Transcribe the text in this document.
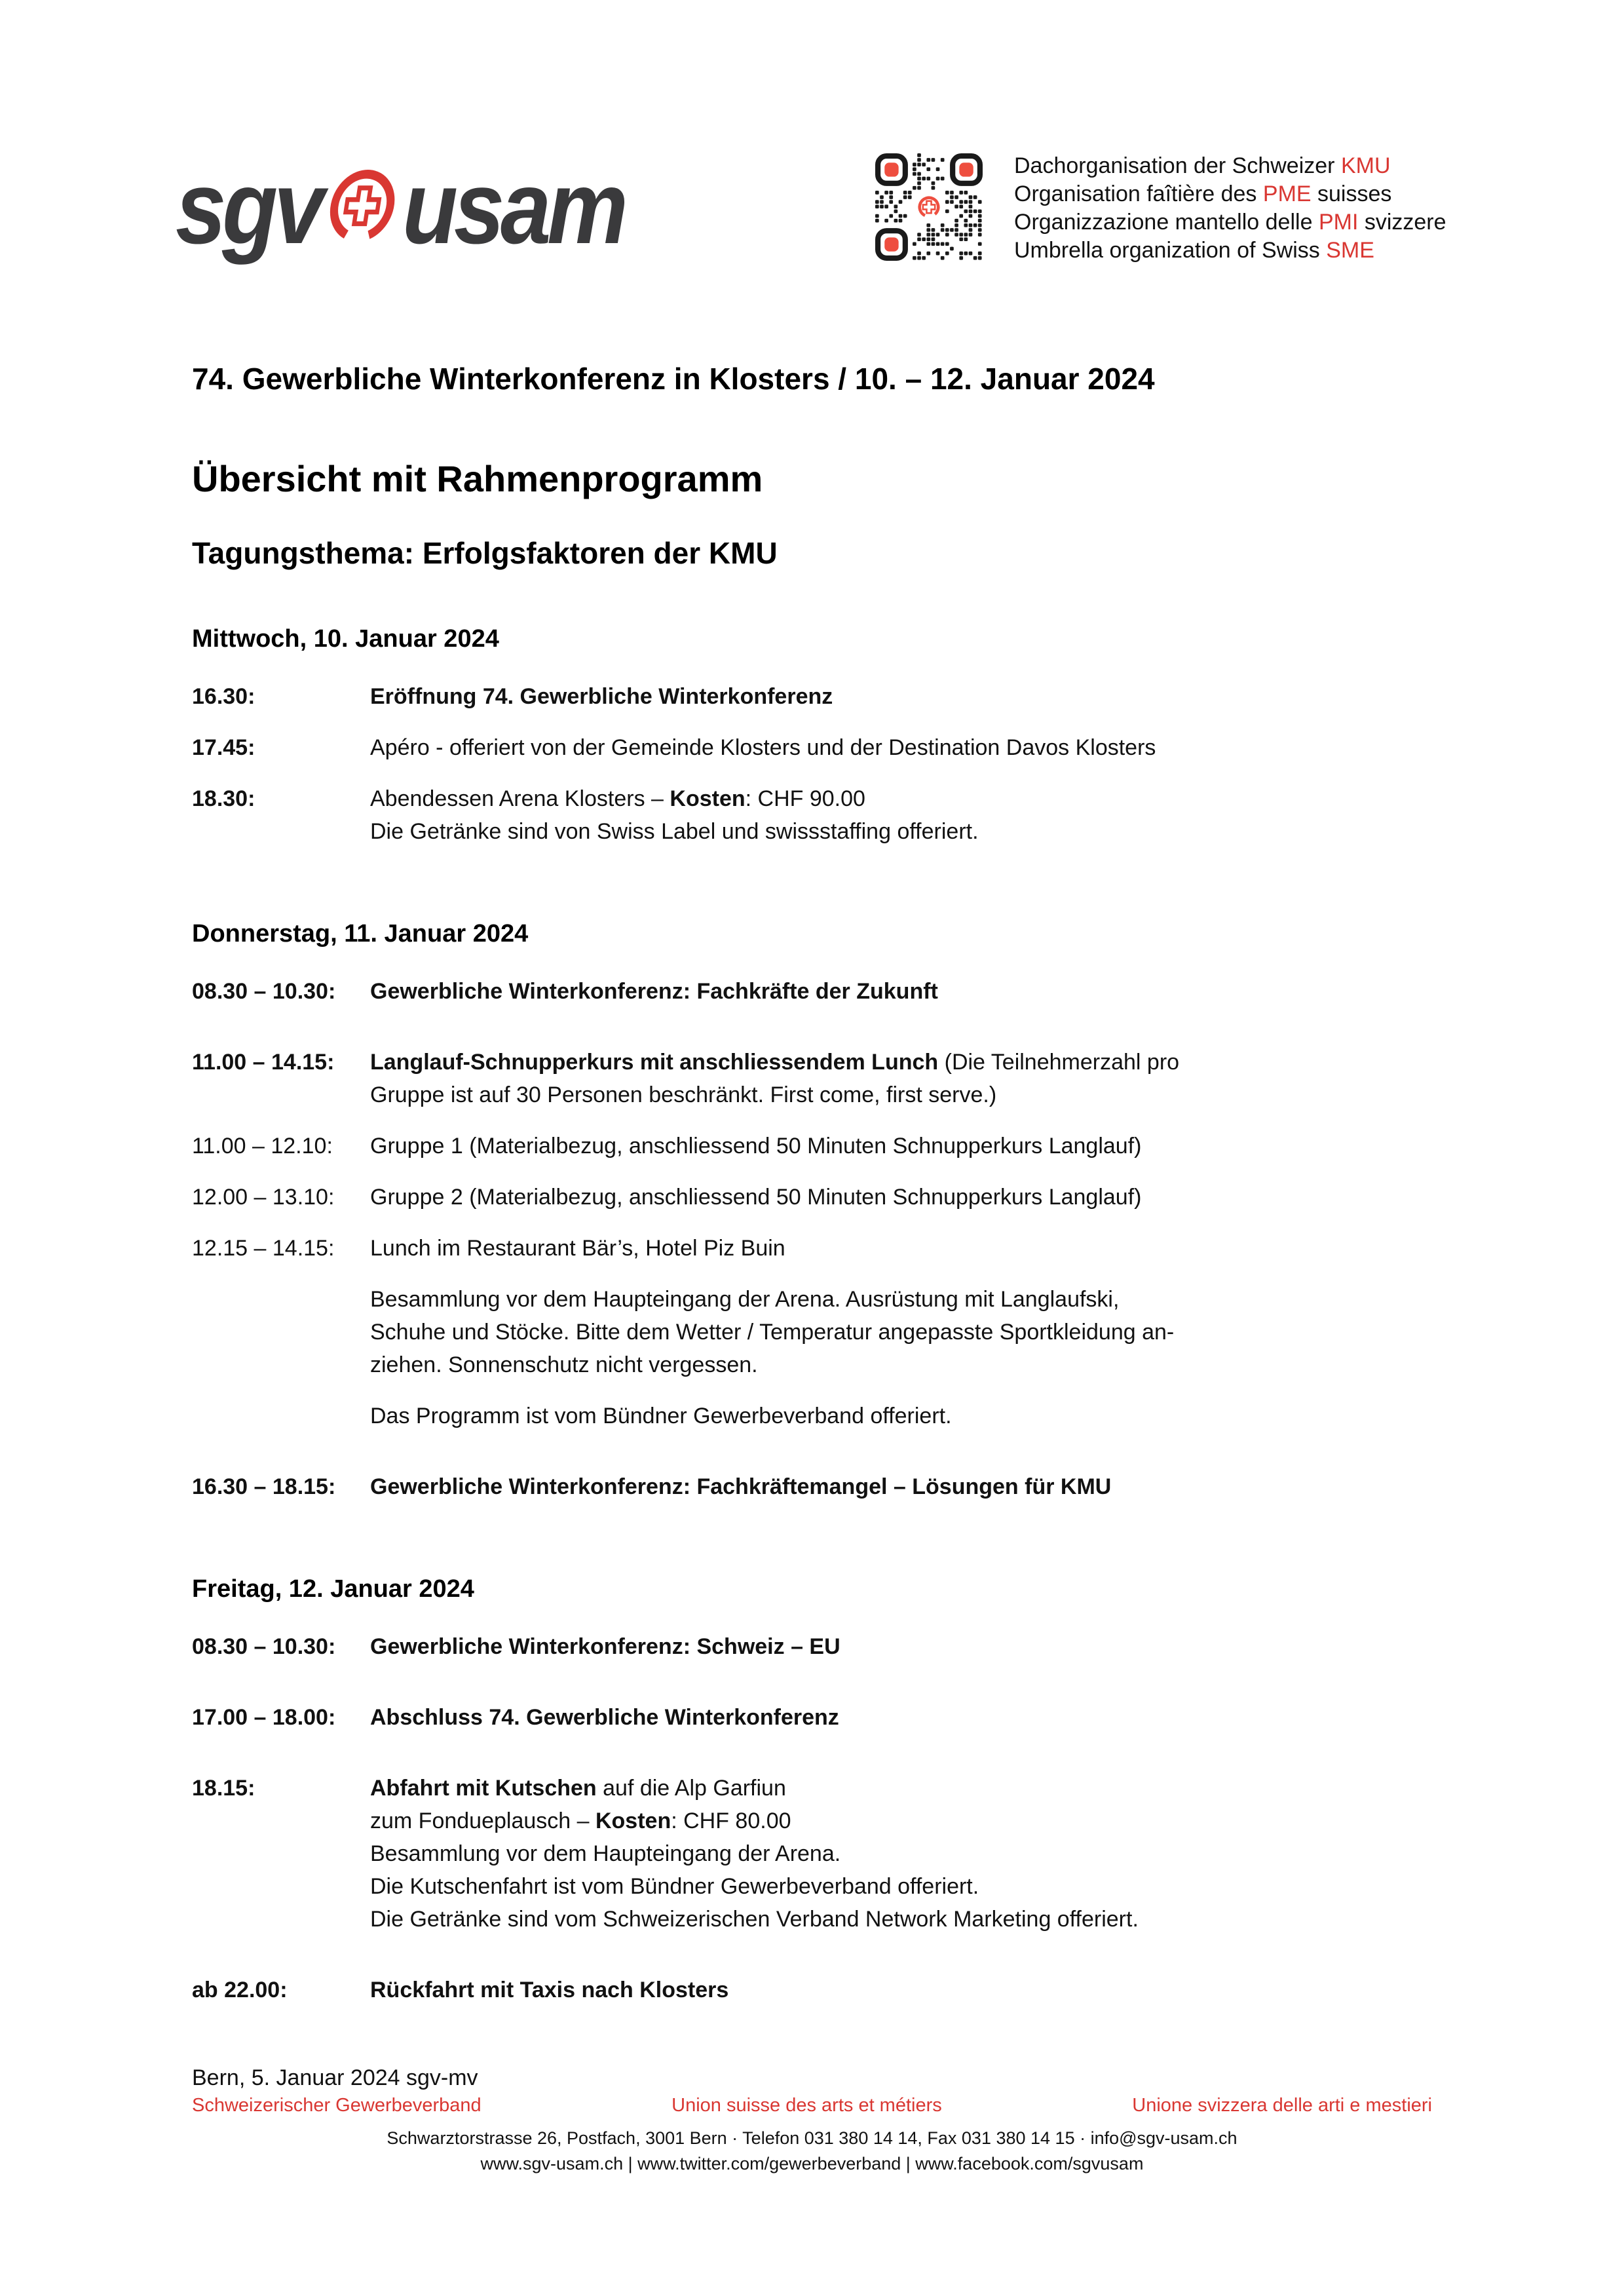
sgv usam	Dachorganisation der Schweizer KMU
Organisation faîtière des PME suisses
Organizzazione mantello delle PMI svizzere
Umbrella organization of Swiss SME
74. Gewerbliche Winterkonferenz in Klosters / 10. – 12. Januar 2024
Übersicht mit Rahmenprogramm
Tagungsthema: Erfolgsfaktoren der KMU
Mittwoch, 10. Januar 2024
16.30:	Eröffnung 74. Gewerbliche Winterkonferenz
17.45:	Apéro - offeriert von der Gemeinde Klosters und der Destination Davos Klosters
18.30:	Abendessen Arena Klosters – Kosten: CHF 90.00
Die Getränke sind von Swiss Label und swissstaffing offeriert.
Donnerstag, 11. Januar 2024
08.30 – 10.30:	Gewerbliche Winterkonferenz: Fachkräfte der Zukunft
11.00 – 14.15:	Langlauf-Schnupperkurs mit anschliessendem Lunch (Die Teilnehmerzahl pro
Gruppe ist auf 30 Personen beschränkt. First come, first serve.)
11.00 – 12.10:	Gruppe 1 (Materialbezug, anschliessend 50 Minuten Schnupperkurs Langlauf)
12.00 – 13.10:	Gruppe 2 (Materialbezug, anschliessend 50 Minuten Schnupperkurs Langlauf)
12.15 – 14.15:	Lunch im Restaurant Bär’s, Hotel Piz Buin
Besammlung vor dem Haupteingang der Arena. Ausrüstung mit Langlaufski,
Schuhe und Stöcke. Bitte dem Wetter / Temperatur angepasste Sportkleidung an-
ziehen. Sonnenschutz nicht vergessen.
Das Programm ist vom Bündner Gewerbeverband offeriert.
16.30 – 18.15:	Gewerbliche Winterkonferenz: Fachkräftemangel – Lösungen für KMU
Freitag, 12. Januar 2024
08.30 – 10.30:	Gewerbliche Winterkonferenz: Schweiz – EU
17.00 – 18.00:	Abschluss 74. Gewerbliche Winterkonferenz
18.15:	Abfahrt mit Kutschen auf die Alp Garfiun
zum Fondueplausch – Kosten: CHF 80.00
Besammlung vor dem Haupteingang der Arena.
Die Kutschenfahrt ist vom Bündner Gewerbeverband offeriert.
Die Getränke sind vom Schweizerischen Verband Network Marketing offeriert.
ab 22.00:	Rückfahrt mit Taxis nach Klosters
Bern, 5. Januar 2024 sgv-mv
Schweizerischer Gewerbeverband	Union suisse des arts et métiers	Unione svizzera delle arti e mestieri
Schwarztorstrasse 26, Postfach, 3001 Bern · Telefon 031 380 14 14, Fax 031 380 14 15 · info@sgv-usam.ch
www.sgv-usam.ch | www.twitter.com/gewerbeverband | www.facebook.com/sgvusam
